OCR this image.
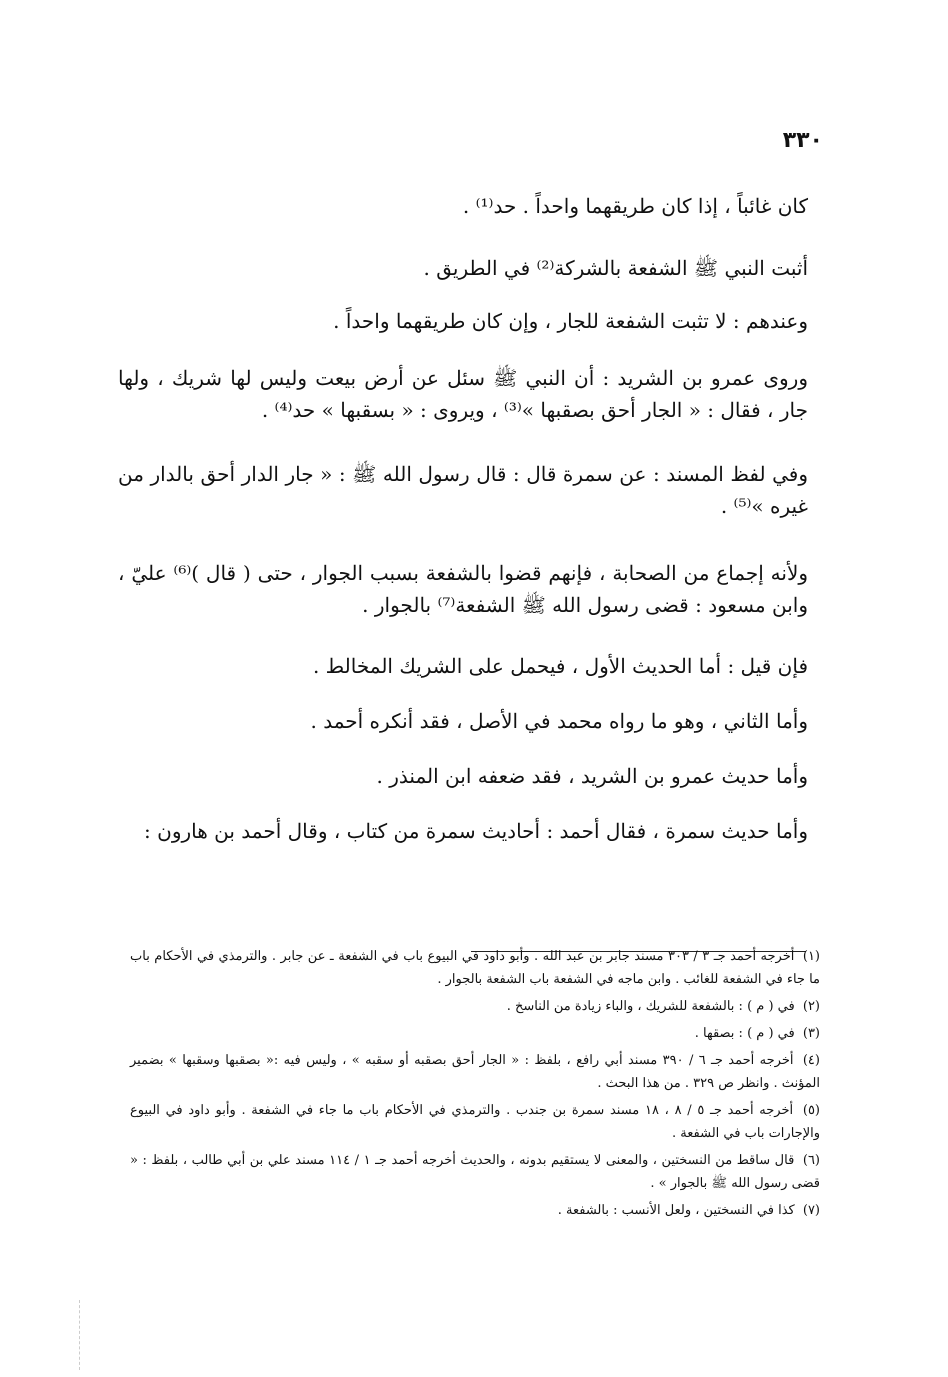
٣٣٠

كان غائباً ، إذا كان طريقهما واحداً . حد⁽¹⁾ .

أثبت النبي ﷺ الشفعة بالشركة⁽²⁾ في الطريق .

وعندهم : لا تثبت الشفعة للجار ، وإن كان طريقهما واحداً .

وروى عمرو بن الشريد : أن النبي ﷺ سئل عن أرض بيعت وليس لها شريك ، ولها جار ، فقال : « الجار أحق بصقبها »⁽³⁾ ، ويروى : « بسقبها » حد⁽⁴⁾ .

وفي لفظ المسند : عن سمرة قال : قال رسول الله ﷺ : « جار الدار أحق بالدار من غيره »⁽⁵⁾ .

ولأنه إجماع من الصحابة ، فإنهم قضوا بالشفعة بسبب الجوار ، حتى ( قال )⁽⁶⁾ عليّ ، وابن مسعود : قضى رسول الله ﷺ الشفعة⁽⁷⁾ بالجوار .

فإن قيل : أما الحديث الأول ، فيحمل على الشريك المخالط .

وأما الثاني ، وهو ما رواه محمد في الأصل ، فقد أنكره أحمد .

وأما حديث عمرو بن الشريد ، فقد ضعفه ابن المنذر .

وأما حديث سمرة ، فقال أحمد : أحاديث سمرة من كتاب ، وقال أحمد بن هارون :

(١) أخرجه أحمد جـ ٣ / ٣٠٣ مسند جابر بن عبد الله . وأبو داود في البيوع باب في الشفعة ـ عن جابر . والترمذي في الأحكام باب ما جاء في الشفعة للغائب . وابن ماجه في الشفعة باب الشفعة بالجوار .

(٢) في ( م ) : بالشفعة للشريك ، والباء زيادة من الناسخ .

(٣) في ( م ) : بصقها .

(٤) أخرجه أحمد جـ ٦ / ٣٩٠ مسند أبي رافع ، بلفظ : « الجار أحق بصقبه أو سقبه » ، وليس فيه :« بصقبها وسقبها » بضمير المؤنث . وانظر ص ٣٢٩ . من هذا البحث .

(٥) أخرجه أحمد جـ ٥ / ٨ ، ١٨ مسند سمرة بن جندب . والترمذي في الأحكام باب ما جاء في الشفعة . وأبو داود في البيوع والإجارات باب في الشفعة .

(٦) قال ساقط من النسختين ، والمعنى لا يستقيم بدونه ، والحديث أخرجه أحمد جـ ١ / ١١٤ مسند علي بن أبي طالب ، بلفظ : « قضى رسول الله ﷺ بالجوار » .

(٧) كذا في النسختين ، ولعل الأنسب : بالشفعة .
